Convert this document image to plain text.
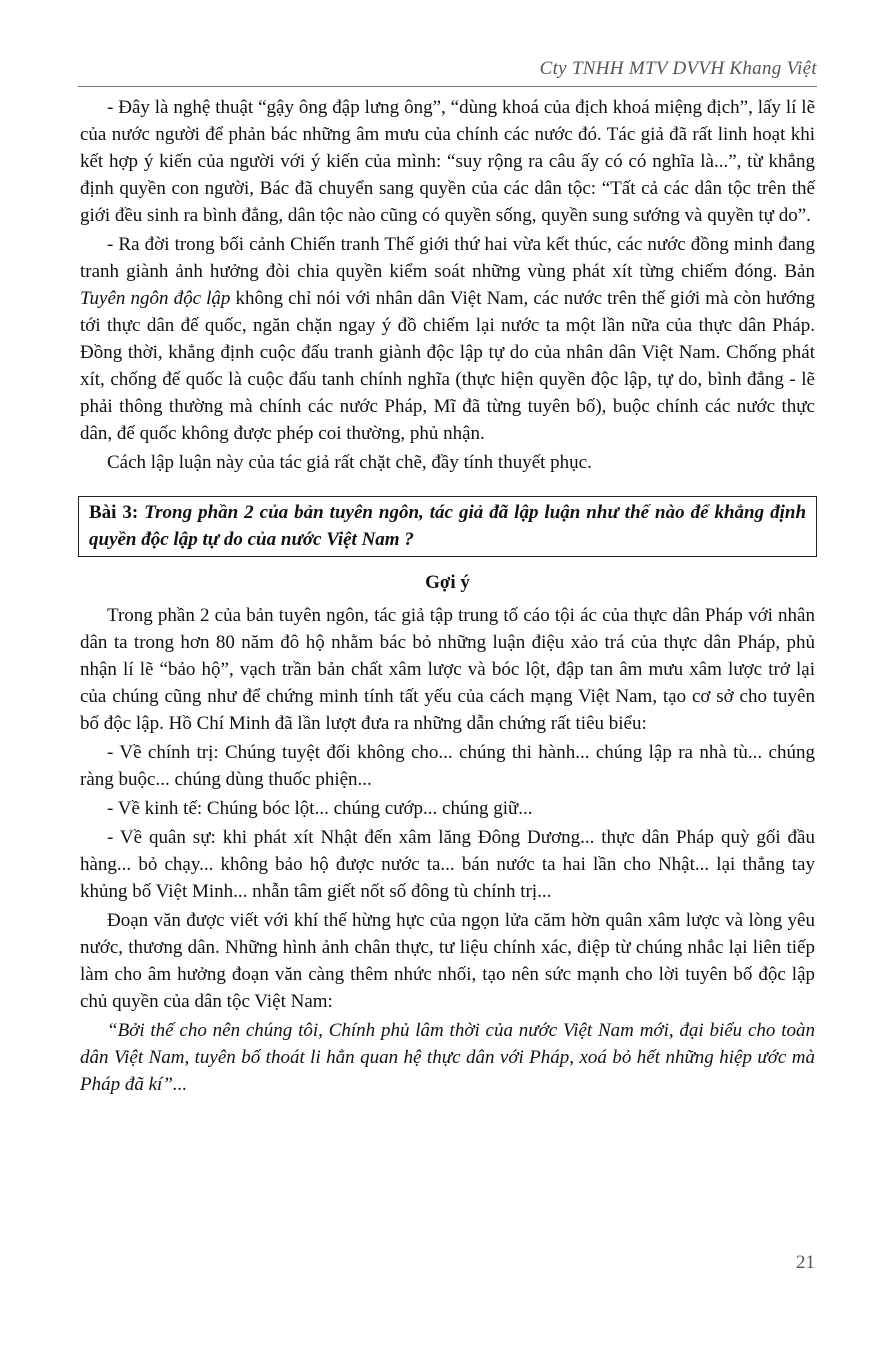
Cty TNHH MTV DVVH Khang Việt

- Đây là nghệ thuật “gậy ông đập lưng ông”, “dùng khoá của địch khoá miệng địch”, lấy lí lẽ của nước người để phản bác những âm mưu của chính các nước đó. Tác giả đã rất linh hoạt khi kết hợp ý kiến của người với ý kiến của mình: “suy rộng ra câu ấy có có nghĩa là...”, từ khẳng định quyền con người, Bác đã chuyển sang quyền của các dân tộc: “Tất cả các dân tộc trên thế giới đều sinh ra bình đẳng, dân tộc nào cũng có quyền sống, quyền sung sướng và quyền tự do”.

- Ra đời trong bối cảnh Chiến tranh Thế giới thứ hai vừa kết thúc, các nước đồng minh đang tranh giành ảnh hưởng đòi chia quyền kiểm soát những vùng phát xít từng chiếm đóng. Bản Tuyên ngôn độc lập không chỉ nói với nhân dân Việt Nam, các nước trên thế giới mà còn hướng tới thực dân đế quốc, ngăn chặn ngay ý đồ chiếm lại nước ta một lần nữa của thực dân Pháp. Đồng thời, khẳng định cuộc đấu tranh giành độc lập tự do của nhân dân Việt Nam. Chống phát xít, chống đế quốc là cuộc đấu tanh chính nghĩa (thực hiện quyền độc lập, tự do, bình đẳng - lẽ phải thông thường mà chính các nước Pháp, Mĩ đã từng tuyên bố), buộc chính các nước thực dân, đế quốc không được phép coi thường, phủ nhận.

Cách lập luận này của tác giả rất chặt chẽ, đầy tính thuyết phục.

Bài 3: Trong phần 2 của bản tuyên ngôn, tác giả đã lập luận như thế nào để khẳng định quyền độc lập tự do của nước Việt Nam ?
Gợi ý

Trong phần 2 của bản tuyên ngôn, tác giả tập trung tố cáo tội ác của thực dân Pháp với nhân dân ta trong hơn 80 năm đô hộ nhằm bác bỏ những luận điệu xảo trá của thực dân Pháp, phủ nhận lí lẽ “bảo hộ”, vạch trần bản chất xâm lược và bóc lột, đập tan âm mưu xâm lược trở lại của chúng cũng như để chứng minh tính tất yếu của cách mạng Việt Nam, tạo cơ sở cho tuyên bố độc lập. Hồ Chí Minh đã lần lượt đưa ra những dẫn chứng rất tiêu biểu:

- Về chính trị: Chúng tuyệt đối không cho... chúng thi hành... chúng lập ra nhà tù... chúng ràng buộc... chúng dùng thuốc phiện...

- Về kinh tế: Chúng bóc lột... chúng cướp... chúng giữ...

- Về quân sự: khi phát xít Nhật đến xâm lăng Đông Dương... thực dân Pháp quỳ gối đầu hàng... bỏ chạy... không bảo hộ được nước ta... bán nước ta hai lần cho Nhật... lại thẳng tay khủng bố Việt Minh... nhẫn tâm giết nốt số đông tù chính trị...

Đoạn văn được viết với khí thế hừng hực của ngọn lửa căm hờn quân xâm lược và lòng yêu nước, thương dân. Những hình ảnh chân thực, tư liệu chính xác, điệp từ chúng nhắc lại liên tiếp làm cho âm hưởng đoạn văn càng thêm nhức nhối, tạo nên sức mạnh cho lời tuyên bố độc lập chủ quyền của dân tộc Việt Nam:

“Bởi thế cho nên chúng tôi, Chính phủ lâm thời của nước Việt Nam mới, đại biểu cho toàn dân Việt Nam, tuyên bố thoát li hẳn quan hệ thực dân với Pháp, xoá bỏ hết những hiệp ước mà Pháp đã kí”...

21
